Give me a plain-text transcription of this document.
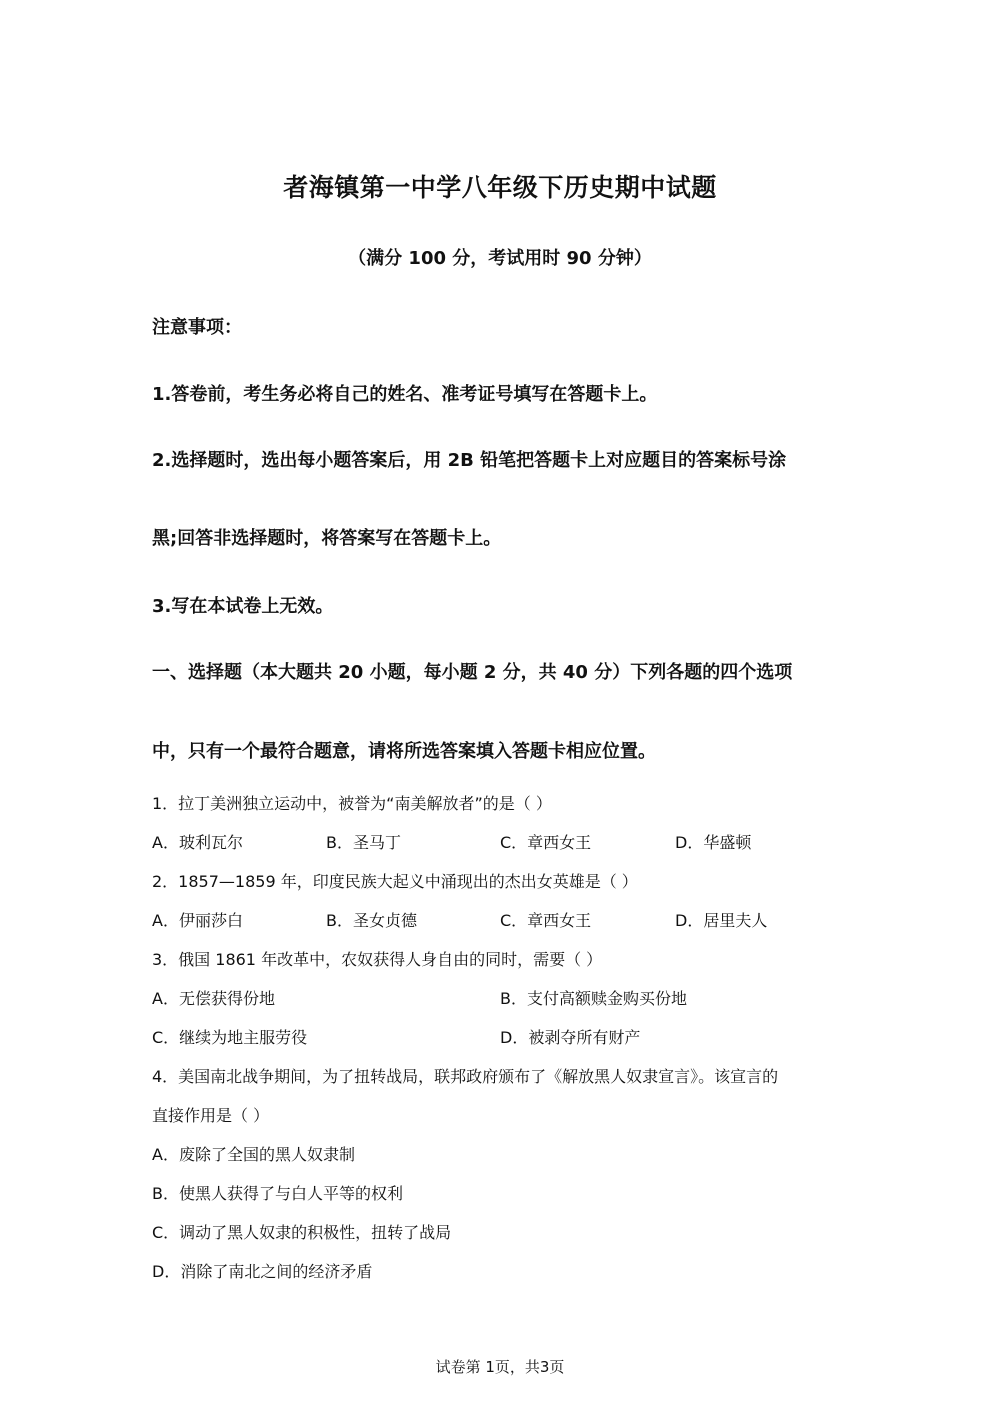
者海镇第一中学八年级下历史期中试题
（满分 100 分，考试用时 90 分钟）
注意事项：
1.答卷前，考生务必将自己的姓名、准考证号填写在答题卡上。
2.选择题时，选出每小题答案后，用 2B 铅笔把答题卡上对应题目的答案标号涂
黑;回答非选择题时，将答案写在答题卡上。
3.写在本试卷上无效。
一、选择题（本大题共 20 小题，每小题 2 分，共 40 分）下列各题的四个选项
中，只有一个最符合题意，请将所选答案填入答题卡相应位置。
1．拉丁美洲独立运动中，被誉为“南美解放者”的是（ ）
A．玻利瓦尔	B．圣马丁	C．章西女王	D．华盛顿
2．1857—1859 年，印度民族大起义中涌现出的杰出女英雄是（ ）
A．伊丽莎白	B．圣女贞德	C．章西女王	D．居里夫人
3．俄国 1861 年改革中，农奴获得人身自由的同时，需要（ ）
A．无偿获得份地	B．支付高额赎金购买份地
C．继续为地主服劳役	D．被剥夺所有财产
4．美国南北战争期间，为了扭转战局，联邦政府颁布了《解放黑人奴隶宣言》。该宣言的
直接作用是（ ）
A．废除了全国的黑人奴隶制
B．使黑人获得了与白人平等的权利
C．调动了黑人奴隶的积极性，扭转了战局
D．消除了南北之间的经济矛盾
试卷第 1页，共3页
